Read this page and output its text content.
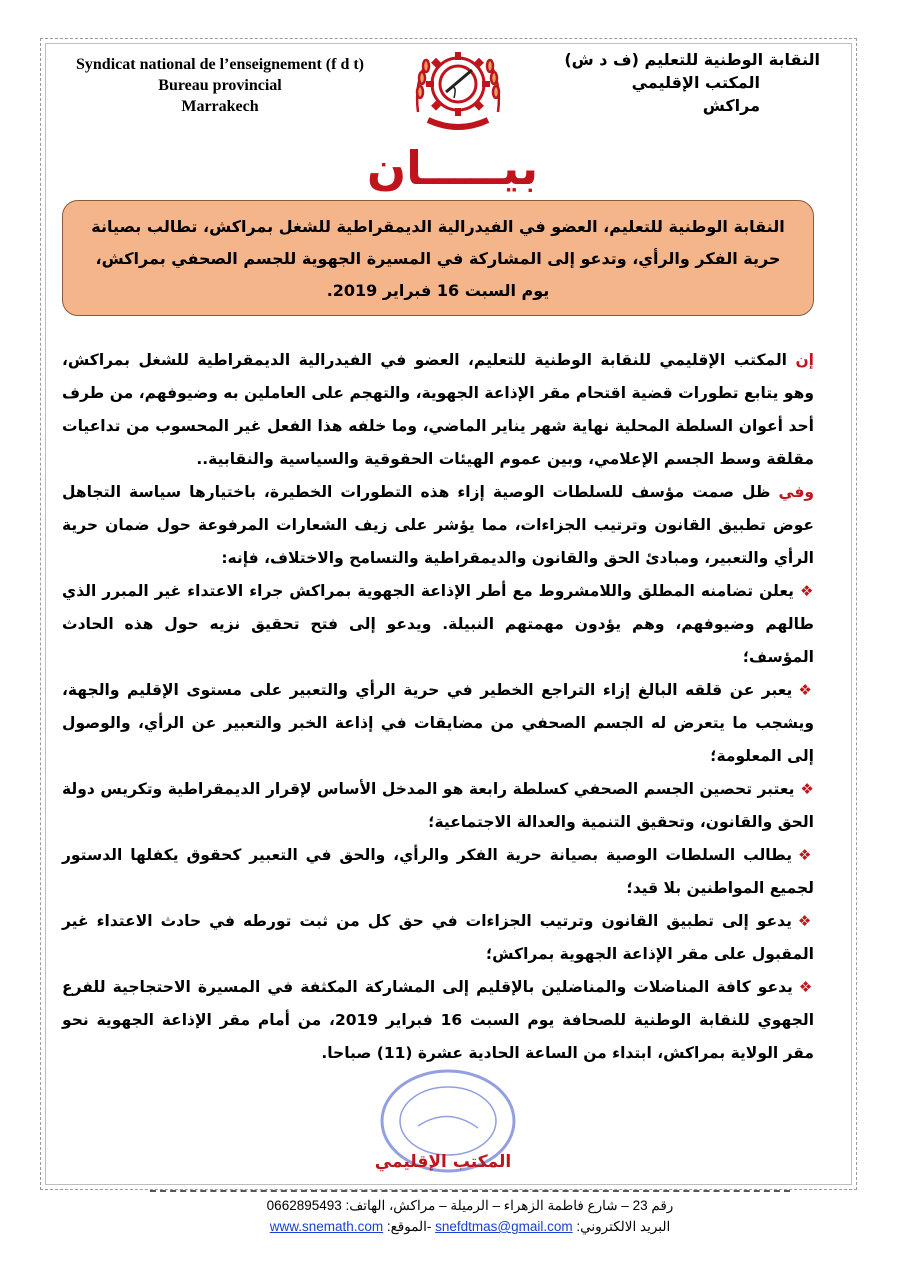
Syndicat national de l’enseignement (f d t)
Bureau provincial
Marrakech
النقابة الوطنية للتعليم (ف د ش)
المكتب الإقليمي
مراكش
بيـــــان
النقابة الوطنية للتعليم، العضو في الفيدرالية الديمقراطية للشغل بمراكش، تطالب بصيانة
حرية الفكر والرأي، وتدعو إلى المشاركة في المسيرة الجهوية للجسم الصحفي بمراكش،
يوم السبت 16 فبراير 2019.

إن المكتب الإقليمي للنقابة الوطنية للتعليم، العضو في الفيدرالية الديمقراطية للشغل بمراكش، وهو يتابع تطورات قضية اقتحام مقر الإذاعة الجهوية، والتهجم على العاملين به وضيوفهم، من طرف أحد أعوان السلطة المحلية نهاية شهر يناير الماضي، وما خلفه هذا الفعل غير المحسوب من تداعيات مقلقة وسط الجسم الإعلامي، وبين عموم الهيئات الحقوقية والسياسية والنقابية..

وفي ظل صمت مؤسف للسلطات الوصية إزاء هذه التطورات الخطيرة، باختيارها سياسة التجاهل عوض تطبيق القانون وترتيب الجزاءات، مما يؤشر على زيف الشعارات المرفوعة حول ضمان حرية الرأي والتعبير، ومبادئ الحق والقانون والديمقراطية والتسامح والاختلاف، فإنه:

❖يعلن تضامنه المطلق واللامشروط مع أطر الإذاعة الجهوية بمراكش جراء الاعتداء غير المبرر الذي طالهم وضيوفهم، وهم يؤدون مهمتهم النبيلة. ويدعو إلى فتح تحقيق نزيه حول هذه الحادث المؤسف؛

❖يعبر عن قلقه البالغ إزاء التراجع الخطير في حرية الرأي والتعبير على مستوى الإقليم والجهة، ويشجب ما يتعرض له الجسم الصحفي من مضايقات في إذاعة الخبر والتعبير عن الرأي، والوصول إلى المعلومة؛

❖يعتبر تحصين الجسم الصحفي كسلطة رابعة هو المدخل الأساس لإقرار الديمقراطية وتكريس دولة الحق والقانون، وتحقيق التنمية والعدالة الاجتماعية؛

❖يطالب السلطات الوصية بصيانة حرية الفكر والرأي، والحق في التعبير كحقوق يكفلها الدستور لجميع المواطنين بلا قيد؛

❖يدعو إلى تطبيق القانون وترتيب الجزاءات في حق كل من ثبت تورطه في حادث الاعتداء غير المقبول على مقر الإذاعة الجهوية بمراكش؛

❖يدعو كافة المناضلات والمناضلين بالإقليم إلى المشاركة المكثفة في المسيرة الاحتجاجية للفرع الجهوي للنقابة الوطنية للصحافة يوم السبت 16 فبراير 2019، من أمام مقر الإذاعة الجهوية نحو مقر الولاية بمراكش، ابتداء من الساعة الحادية عشرة (11) صباحا.

المكتب الإقليمي
رقم 23 – شارع فاطمة الزهراء – الرميلة – مراكش، الهاتف: 0662895493
البريد الالكتروني: snefdtmas@gmail.com -الموقع: www.snemath.com
